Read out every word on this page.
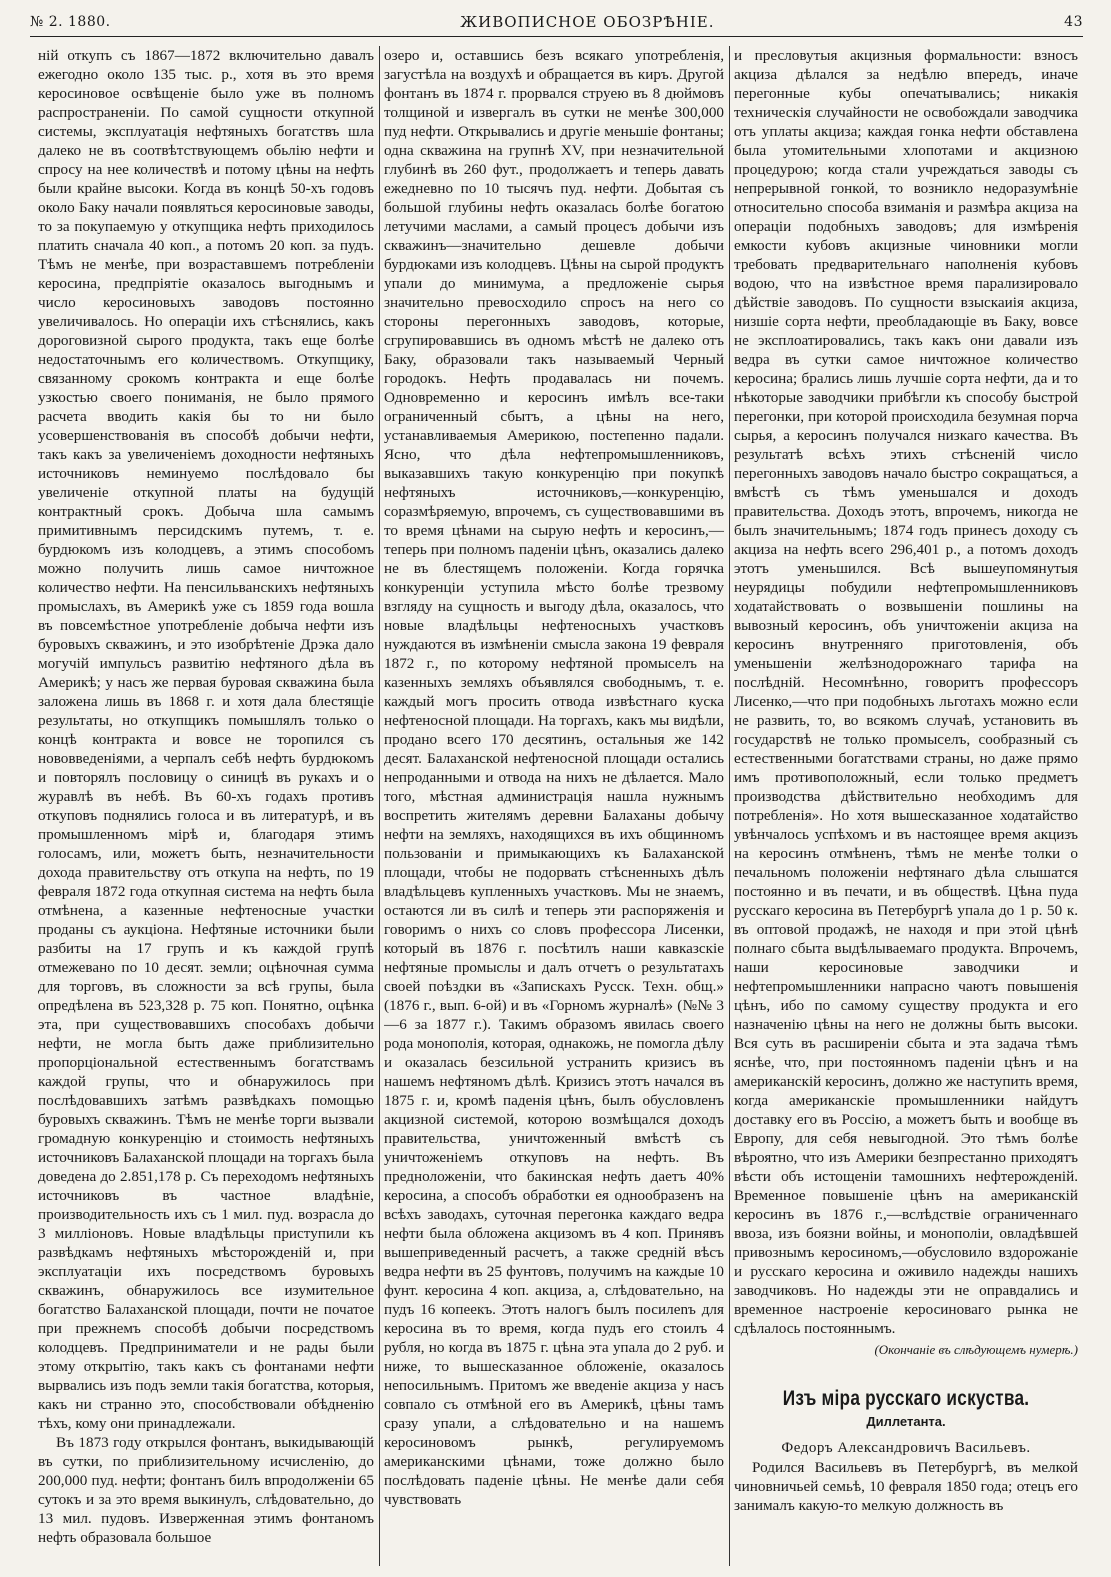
№ 2. 1880.	ЖИВОПИСНОЕ ОБОЗРѢНІЕ.	43

ній откупъ съ 1867—1872 включительно давалъ ежегодно около 135 тыс. р., хотя въ это время керосиновое освѣщеніе было уже въ полномъ распространеніи. По самой сущности откупной системы, эксплуатація нефтяныхъ богатствъ шла далеко не въ соотвѣтствующемъ обьлію нефти и спросу на нее количествѣ и потому цѣны на нефть были крайне высоки. Когда въ концѣ 50-хъ годовъ около Баку начали появляться керосиновые заводы, то за покупаемую у откупщика нефть приходилось платить сначала 40 коп., а потомъ 20 коп. за пудъ. Тѣмъ не менѣе, при возраставшемъ потребленіи керосина, предпріятіе оказалось выгоднымъ и число керосиновыхъ заводовъ постоянно увеличивалось. Но операціи ихъ стѣснялись, какъ дороговизной сырого продукта, такъ еще болѣе недостаточнымъ его количествомъ. Откупщику, связанному срокомъ контракта и еще болѣе узкостью своего пониманія, не было прямого расчета вводить какія бы то ни было усовершенствованія въ способѣ добычи нефти, такъ какъ за увеличеніемъ доходности нефтяныхъ источниковъ неминуемо послѣдовало бы увеличеніе откупной платы на будущій контрактный срокъ. Добыча шла самымъ примитивнымъ персидскимъ путемъ, т. е. бурдюкомъ изъ колодцевъ, а этимъ способомъ можно получить лишь самое ничтожное количество нефти. На пенсильванскихъ нефтяныхъ промыслахъ, въ Америкѣ уже съ 1859 года вошла въ повсемѣстное употребленіе добыча нефти изъ буровыхъ скважинъ, и это изобрѣтеніе Дрэка далo могучій импульсъ развитію нефтяного дѣла въ Америкѣ; у насъ же первая буровая скважина была заложена лишь въ 1868 г. и хотя дала блестящіе результаты, но откупщикъ помышлялъ только о концѣ контракта и вовсе не торопился съ нововведеніями, а черпалъ себѣ нефть бурдюкомъ и повторялъ пословицу о синицѣ въ рукахъ и о журавлѣ въ небѣ. Въ 60-хъ годахъ противъ откуповъ поднялись голоса и въ литературѣ, и въ промышленномъ мірѣ и, благодаря этимъ голосамъ, или, можетъ быть, незначительности дохода правительству отъ откупа на нефть, по 19 февраля 1872 года откупная система на нефть была отмѣнена, а казенные нефтеносные участки проданы съ аукціона. Нефтяные источники были разбиты на 17 групъ и къ каждой групѣ отмежевано по 10 десят. земли; оцѣночная сумма для торговъ, въ сложности за всѣ групы, была опредѣлена въ 523,328 р. 75 коп. Понятно, оцѣнка эта, при существовавшихъ способахъ добычи нефти, не могла быть даже приблизительно пропорціональной естественнымъ богатствамъ каждой групы, что и обнаружилось при послѣдовавшихъ затѣмъ развѣдкахъ помощью буровыхъ скважинъ. Тѣмъ не менѣе торги вызвали громадную конкуренцію и стоимость нефтяныхъ источниковъ Балаханской площади на торгахъ была доведена до 2.851,178 р. Съ переходомъ нефтяныхъ источниковъ въ частное владѣніе, производительность ихъ съ 1 мил. пуд. возрасла до 3 милліоновъ. Новые владѣльцы приступили къ развѣдкамъ нефтяныхъ мѣсторожденій и, при эксплуатаціи ихъ посредствомъ буровыхъ скважинъ, обнаружилось все изумительное богатство Балаханской площади, почти не початое при прежнемъ способѣ добычи посредствомъ колодцевъ. Предприниматели и не рады были этому открытію, такъ какъ съ фонтанами нефти вырвались изъ подъ земли такія богатства, которыя, какъ ни странно это, способствовали обѣдненію тѣхъ, кому они принадлежали.

Въ 1873 году открылся фонтанъ, выкидывающій въ сутки, по приблизительному исчисленію, до 200,000 пуд. нефти; фонтанъ билъ впродолженіи 65 сутокъ и за это время выкинулъ, слѣдовательно, до 13 мил. пудовъ. Изверженная этимъ фонтаномъ нефть образовала большое

озеро и, оставшись безъ всякаго употребленія, загустѣла на воздухѣ и обращается въ киръ. Другой фонтанъ въ 1874 г. прорвался струею въ 8 дюймовъ толщиной и извергалъ въ сутки не менѣе 300,000 пуд нефти. Открывались и другіе меньшіе фонтаны; одна скважина на групнѣ XV, при незначительной глубинѣ въ 260 фут., продолжаетъ и теперь давать ежедневно по 10 тысячъ пуд. нефти. Добытая съ большой глубины нефть оказалась болѣе богатою летучими маслами, а самый процесъ добычи изъ скважинъ—значительно дешевле добычи бурдюками изъ колодцевъ. Цѣны на сырой продуктъ упали до минимума, а предложеніе сырья значительно превосходило спросъ на него со стороны перегонныхъ заводовъ, которые, сгрупировавшись въ одномъ мѣстѣ не далеко отъ Баку, образовали такъ называемый Черный городокъ. Нефть продавалась ни почемъ. Одновременно и керосинъ имѣлъ все-таки ограниченный сбытъ, а цѣны на него, устанавливаемыя Америкою, постепенно падали. Ясно, что дѣла нефтепромышленниковъ, выказавшихъ такую конкуренцію при покупкѣ нефтяныхъ источниковъ,—конкуренцію, соразмѣряемую, впрочемъ, съ существовавшими въ то время цѣнами на сырую нефть и керосинъ,—теперь при полномъ паденіи цѣнъ, оказались далеко не въ блестящемъ положеніи. Когда горячка конкуренціи уступила мѣсто болѣе трезвому взгляду на сущность и выгоду дѣла, оказалось, что новые владѣльцы нефтеносныхъ участковъ нуждаются въ измѣненіи смысла закона 19 февраля 1872 г., по которому нефтяной промыселъ на казенныхъ земляхъ объявлялся свободнымъ, т. е. каждый могъ просить отвода извѣстнаго куска нефтеносной площади. На торгахъ, какъ мы видѣли, продано всего 170 десятинъ, остальныя же 142 десят. Балаханской нефтеносной площади остались непроданными и отвода на нихъ не дѣлается. Мало того, мѣстная администрація нашла нужнымъ воспретить жителямъ деревни Балаханы добычу нефти на земляхъ, находящихся въ ихъ общинномъ пользованіи и примыкающихъ къ Балаханской площади, чтобы не подорвать стѣсненныхъ дѣлъ владѣльцевъ купленныхъ участковъ. Мы не знаемъ, остаются ли въ силѣ и теперь эти распоряженія и говоримъ о нихъ со словъ профессора Лисенки, который въ 1876 г. посѣтилъ наши кавказскіе нефтяные промыслы и далъ отчетъ о результатахъ своей поѣздки въ «Запискахъ Русск. Техн. общ.» (1876 г., вып. 6-ой) и въ «Горномъ журналѣ» (№№ 3—6 за 1877 г.). Такимъ образомъ явилась своего рода монополія, которая, однакожь, не помогла дѣлу и оказалась безсильной устранить кризисъ въ нашемъ нефтяномъ дѣлѣ. Кризисъ этотъ начался въ 1875 г. и, кромѣ паденія цѣнъ, былъ обусловленъ акцизной системой, которою возмѣщался доходъ правительства, уничтоженный вмѣстѣ съ уничтоженіемъ откуповъ на нефть. Въ предноложеніи, что бакинская нефть даетъ 40% керосина, а способъ обработки ея однообразенъ на всѣхъ заводахъ, суточная перегонка каждаго ведра нефти была обложена акцизомъ въ 4 коп. Принявъ вышеприведенный расчетъ, а также средній вѣсъ ведра нефти въ 25 фунтовъ, получимъ на каждые 10 фунт. керосина 4 коп. акциза, а, слѣдовательно, на пудъ 16 копеекъ. Этотъ налогъ былъ посилenъ для керосина въ то время, когда пудъ его стоилъ 4 рубля, но когда въ 1875 г. цѣна эта упала до 2 руб. и ниже, то вышесказанное обложеніе, оказалось непосильнымъ. Притомъ же введеніе акциза у насъ совпало съ отмѣной его въ Америкѣ, цѣны тамъ сразу упали, а слѣдовательно и на нашемъ керосиновомъ рынкѣ, регулируемомъ американскими цѣнами, тоже должно было послѣдовать паденіе цѣны. Не менѣе дали себя чувствовать

и пресловутыя акцизныя формальности: взносъ акциза дѣлался за недѣлю впередъ, иначе перегонные кубы опечатывались; никакія техническія случайности не освобождали заводчика отъ уплаты акциза; каждая гонка нефти обставлена была утомительными хлопотами и акцизною процедурою; когда стали учреждаться заводы съ непрерывной гонкой, то возникло недоразумѣніе относительно способа взиманія и размѣра акциза на операціи подобныхъ заводовъ; для измѣренія емкости кубовъ акцизные чиновники могли требовать предварительнаго наполненія кубовъ водою, что на извѣстное время парализировало дѣйствіе заводовъ. По сущности взыскаиія акциза, низшіе сорта нефти, преобладающіе въ Баку, вовсе не эксплоатировались, такъ какъ они давали изъ ведра въ сутки самое ничтожное количество керосина; брались лишь лучшіе сорта нефти, да и то нѣкоторые заводчики прибѣгли къ способу быстрой перегонки, при которой происходила безумная порча сырья, а керосинъ получался низкаго качества. Въ результатѣ всѣхъ этихъ стѣсненій число перегонныхъ заводовъ начало быстро сокращаться, а вмѣстѣ съ тѣмъ уменьшался и доходъ правительства. Доходъ этотъ, впрочемъ, никогда не былъ значительнымъ; 1874 годъ принесъ доходу съ акциза на нефть всего 296,401 р., а потомъ доходъ этотъ уменьшился. Всѣ вышеупомянутыя неурядицы побудили нефтепромышленниковъ ходатайствовать о возвышеніи пошлины на вывозный керосинъ, объ уничтоженіи акциза на керосинъ внутренняго приготовленія, объ уменьшеніи желѣзнодорожнаго тарифа на послѣдній. Несомнѣнно, говоритъ профессоръ Лисенко,—что при подобныхъ льготахъ можно если не развить, то, во всякомъ случаѣ, установить въ государствѣ не только промыселъ, сообразный съ естественными богатствами страны, но даже прямо имъ противоположный, если только предметъ производства дѣйствительно необходимъ для потребленія». Но хотя вышесказанное ходатайство увѣнчалось успѣхомъ и въ настоящее время акцизъ на керосинъ отмѣненъ, тѣмъ не менѣе толки о печальномъ положеніи нефтянаго дѣла слышатся постоянно и въ печати, и въ обществѣ. Цѣна пуда русскаго керосина въ Петербургѣ упала до 1 р. 50 к. въ оптовой продажѣ, не находя и при этой цѣнѣ полнаго сбыта выдѣлываемаго продукта. Впрочемъ, наши керосиновые заводчики и нефтепромышленники напрасно чаютъ повышенія цѣнъ, ибо по самому существу продукта и его назначенію цѣны на него не должны быть высоки. Вся суть въ расширеніи сбыта и эта задача тѣмъ яснѣе, что, при постоянномъ паденіи цѣнъ и на американскій керосинъ, должно же наступить время, когда американскіе промышленники найдутъ доставку его въ Россію, а можетъ быть и вообще въ Европу, для себя невыгодной. Это тѣмъ болѣе вѣроятно, что изъ Америки безпрестанно приходятъ вѣсти объ истощеніи тамошнихъ нефтерожденій. Временное повышеніе цѣнъ на американскій керосинъ въ 1876 г.,—вслѣдствіе ограниченнаго ввоза, изъ боязни войны, и монополіи, овладѣвшей привознымъ керосиномъ,—обусловило вздорожаніе и русскаго керосина и оживило надежды нашихъ заводчиковъ. Но надежды эти не оправдались и временное настроеніе керосиноваго рынка не сдѣлалось постояннымъ.

(Окончаніе въ слѣдующемъ нумерѣ.)
Изъ міра русскаго искуства.
Диллетанта.
Федоръ Александровичъ Васильевъ.

Родился Васильевъ въ Петербургѣ, въ мелкой чиновничьей семьѣ, 10 февраля 1850 года; отецъ его занималъ какую-то мелкую должность въ
